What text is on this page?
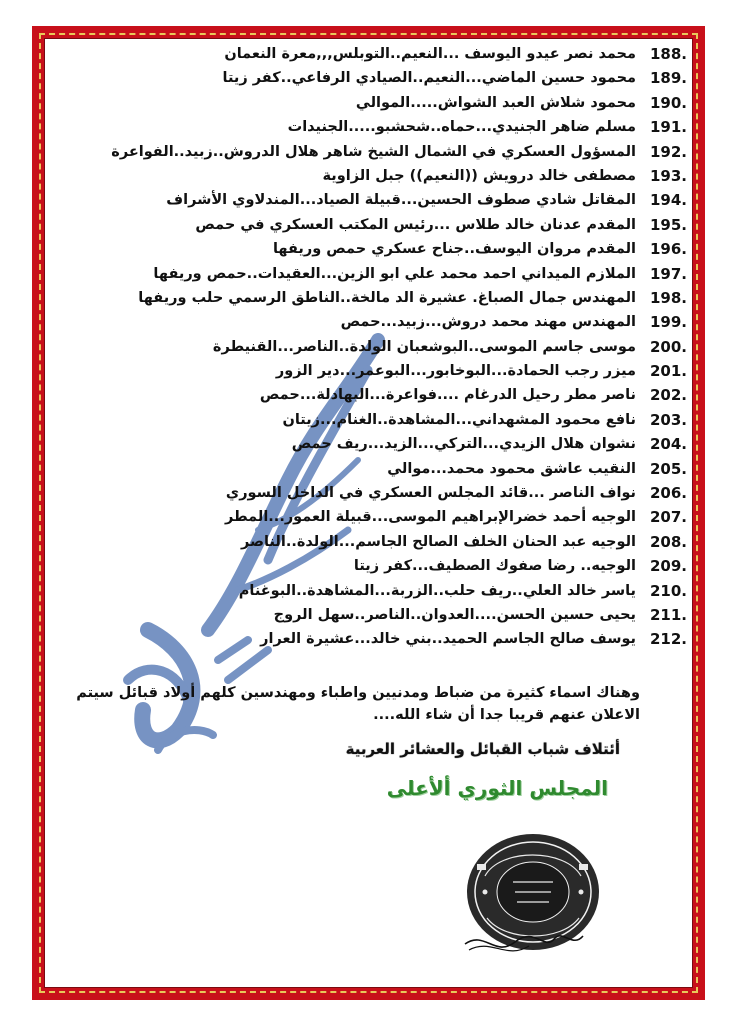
188.
محمد نصر عيدو اليوسف ...النعيم..التوبلس,,,معرة النعمان
189.
محمود حسين الماضي...النعيم..الصيادي الرفاعي..كفر زيتا
190.
محمود شلاش العبد الشواش.....الموالي
191.
مسلم ضاهر الجنيدي...حماه..شحشبو.....الجنيدات
192.
المسؤول العسكري في الشمال الشيخ شاهر هلال الدروش..زبيد..الفواعرة
193.
مصطفى خالد درويش ((النعيم)) جبل الزاوية
194.
المقاتل شادي صطوف الحسين...قبيلة الصياد...المندلاوي الأشراف
195.
المقدم عدنان خالد طلاس ...رئيس المكتب العسكري في حمص
196.
المقدم مروان اليوسف..جناح عسكري حمص وريفها
197.
الملازم الميداني احمد محمد علي ابو الزين...العقيدات..حمص وريفها
198.
المهندس جمال الصباغ. عشيرة الد مالخة..الناطق الرسمي حلب وريفها
199.
المهندس مهند محمد دروش...زبيد...حمص
200.
موسى جاسم الموسى..البوشعبان الولدة..الناصر...القنيطرة
201.
ميزر رجب الحمادة...البوخابور...البوعمر...دير الزور
202.
ناصر مطر رحيل الدرغام ....فواعرة...البهادلة...حمص
203.
نافع محمود المشهداني...المشاهدة..الغنام...زيتان
204.
نشوان هلال الزيدي...التركي...الزيد...ريف حمص
205.
النقيب عاشق محمود محمد...موالي
206.
نواف الناصر ...قائد المجلس العسكري في الداخل السوري
207.
الوجيه أحمد خضرالإبراهيم الموسى...قبيلة العمور...المطر
208.
الوجيه عبد الحنان الخلف الصالح الجاسم...الولدة..الناصر
209.
الوجيه.. رضا صفوك الصطيف...كفر زيتا
210.
ياسر خالد العلي..ريف حلب..الزربة...المشاهدة..البوغنام
211.
يحيى حسين الحسن....العدوان..الناصر..سهل الروج
212.
يوسف صالح الجاسم الحميد..بني خالد...عشيرة العرار
وهناك اسماء كثيرة من ضباط ومدنيين واطباء ومهندسين كلهم أولاد قبائل سيتم
الاعلان عنهم قريبا جدا أن شاء الله....
أئتلاف شباب القبائل والعشائر العربية
المجلس الثوري ألأعلى
